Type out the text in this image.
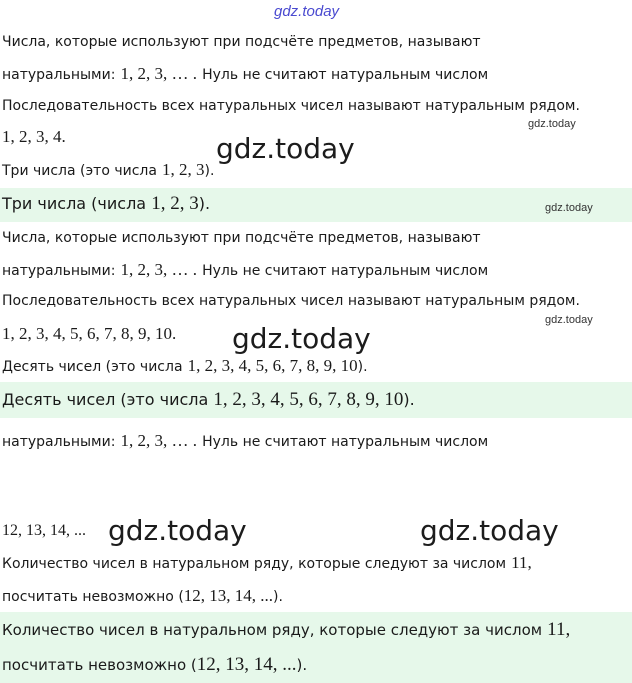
gdz.today
Числа, которые используют при подсчёте предметов, называют
натуральными: 1, 2, 3, … . Нуль не считают натуральным числом
Последовательность всех натуральных чисел называют натуральным рядом.
1, 2, 3, 4.
gdz.today
gdz.today
Три числа (это числа 1, 2, 3).
Три числа (числа 1, 2, 3).	gdz.today
Числа, которые используют при подсчёте предметов, называют
натуральными: 1, 2, 3, … . Нуль не считают натуральным числом
Последовательность всех натуральных чисел называют натуральным рядом.
gdz.today
1, 2, 3, 4, 5, 6, 7, 8, 9, 10. gdz.today
Десять чисел (это числа 1, 2, 3, 4, 5, 6, 7, 8, 9, 10).
Десять чисел (это числа 1, 2, 3, 4, 5, 6, 7, 8, 9, 10).
натуральными: 1, 2, 3, … . Нуль не считают натуральным числом
12, 13, 14, ... gdz.today	gdz.today
Количество чисел в натуральном ряду, которые следуют за числом 11,
посчитать невозможно (12, 13, 14, ...).
Количество чисел в натуральном ряду, которые следуют за числом 11,
посчитать невозможно (12, 13, 14, ...).
